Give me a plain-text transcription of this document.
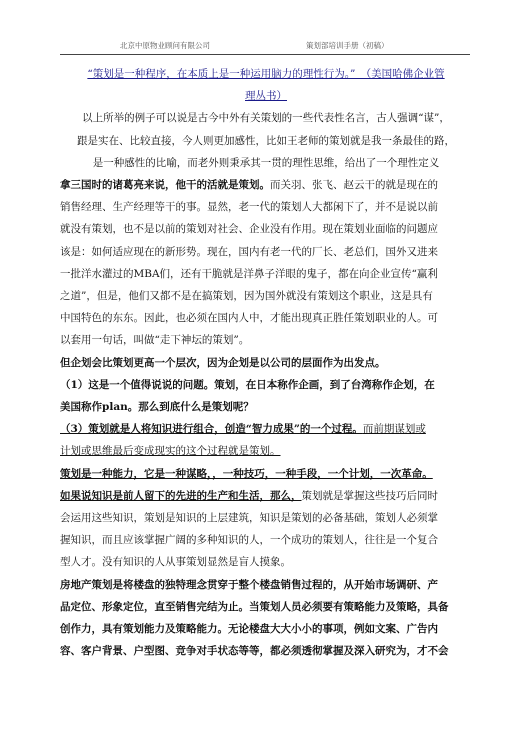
北京中原物业顾问有限公司	策划部培训手册（初稿）

“策划是一种程序，在本质上是一种运用脑力的理性行为。”　（美国哈佛企业管

理丛书）

以上所举的例子可以说是古今中外有关策划的一些代表性名言，古人强调“谋”，

跟是实在、比较直接，今人则更加感性，比如王老师的策划就是我一条最佳的路，

是一种感性的比喻，而老外则秉承其一贯的理性思维，给出了一个理性定义

拿三国时的诸葛亮来说，他干的活就是策划。而关羽、张飞、赵云干的就是现在的

销售经理、生产经理等干的事。显然，老一代的策划人大都闲下了，并不是说以前

就没有策划，也不是以前的策划对社会、企业没有作用。现在策划业面临的问题应

该是：如何适应现在的新形势。现在，国内有老一代的厂长、老总们，国外又进来

一批洋水灌过的MBA们，还有干脆就是洋鼻子洋眼的鬼子，都在向企业宣传“赢利

之道”，但是，他们又都不是在搞策划，因为国外就没有策划这个职业，这是具有

中国特色的东东。因此，也必须在国内人中，才能出现真正胜任策划职业的人。可

以套用一句话，叫做“走下神坛的策划”。

但企划会比策划更高一个层次，因为企划是以公司的层面作为出发点。

（1）这是一个值得说说的问题。策划，在日本称作企画，到了台湾称作企划，在

美国称作plan。那么到底什么是策划呢？

（3）策划就是人将知识进行组合，创造“智力成果”的一个过程。而前期谋划或

计划或思维最后变成现实的这个过程就是策划。

策划是一种能力，它是一种谋略，，一种技巧，一种手段，一个计划，一次革命。

如果说知识是前人留下的先进的生产和生活，那么，策划就是掌握这些技巧后同时

会运用这些知识，策划是知识的上层建筑，知识是策划的必备基础，策划人必须掌

握知识，而且应该掌握广阔的多种知识的人，一个成功的策划人，往往是一个复合

型人才。没有知识的人从事策划显然是盲人摸象。

房地产策划是将楼盘的独特理念贯穿于整个楼盘销售过程的，从开始市场调研、产

品定位、形象定位，直至销售完结为止。当策划人员必须要有策略能力及策略，具备

创作力，具有策划能力及策略能力。无论楼盘大大小小的事项，例如文案、广告内

容、客户背景、户型图、竞争对手状态等等，都必须透彻掌握及深入研究为，才不会
